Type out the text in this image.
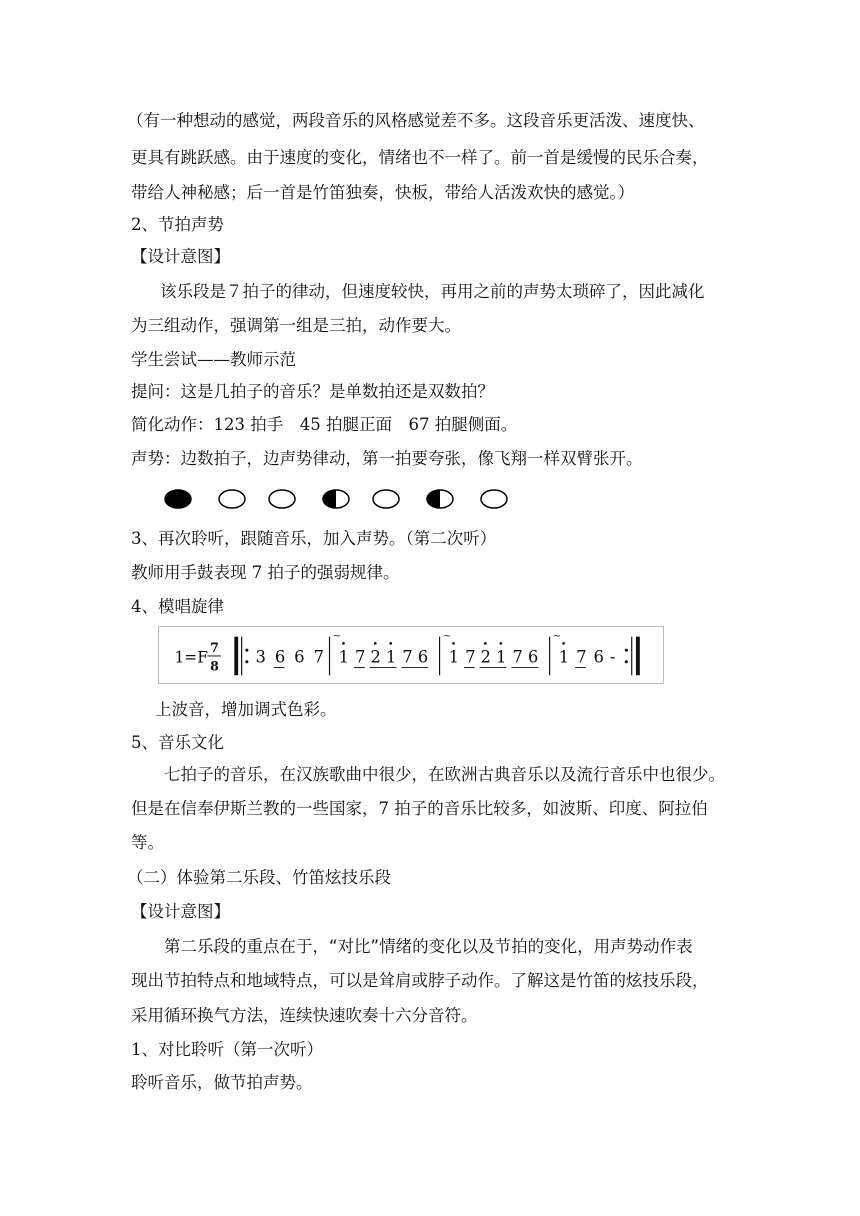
（有一种想动的感觉，两段音乐的风格感觉差不多。这段音乐更活泼、速度快、
更具有跳跃感。由于速度的变化，情绪也不一样了。前一首是缓慢的民乐合奏，
带给人神秘感；后一首是竹笛独奏，快板，带给人活泼欢快的感觉。）
2、节拍声势
【设计意图】
该乐段是７拍子的律动，但速度较快，再用之前的声势太琐碎了，因此减化
为三组动作，强调第一组是三拍，动作要大。
学生尝试——教师示范
提问：这是几拍子的音乐？是单数拍还是双数拍？
简化动作：123 拍手　45 拍腿正面　67 拍腿侧面。
声势：边数拍子，边声势律动，第一拍要夸张，像飞翔一样双臂张开。
3、再次聆听，跟随音乐，加入声势。（第二次听）
教师用手鼓表现 7 拍子的强弱规律。
4、模唱旋律
1=F
7
8 3 6 6 7
~
1 7 2 1 7 6
~
1 7 2 1 7 6
~
1 7 6 -
上波音，增加调式色彩。
5、音乐文化
七拍子的音乐，在汉族歌曲中很少，在欧洲古典音乐以及流行音乐中也很少。
但是在信奉伊斯兰教的一些国家，7 拍子的音乐比较多，如波斯、印度、阿拉伯
等。
（二）体验第二乐段、竹笛炫技乐段
【设计意图】
第二乐段的重点在于，“对比”情绪的变化以及节拍的变化，用声势动作表
现出节拍特点和地域特点，可以是耸肩或脖子动作。了解这是竹笛的炫技乐段，
采用循环换气方法，连续快速吹奏十六分音符。
1、对比聆听（第一次听）
聆听音乐，做节拍声势。
